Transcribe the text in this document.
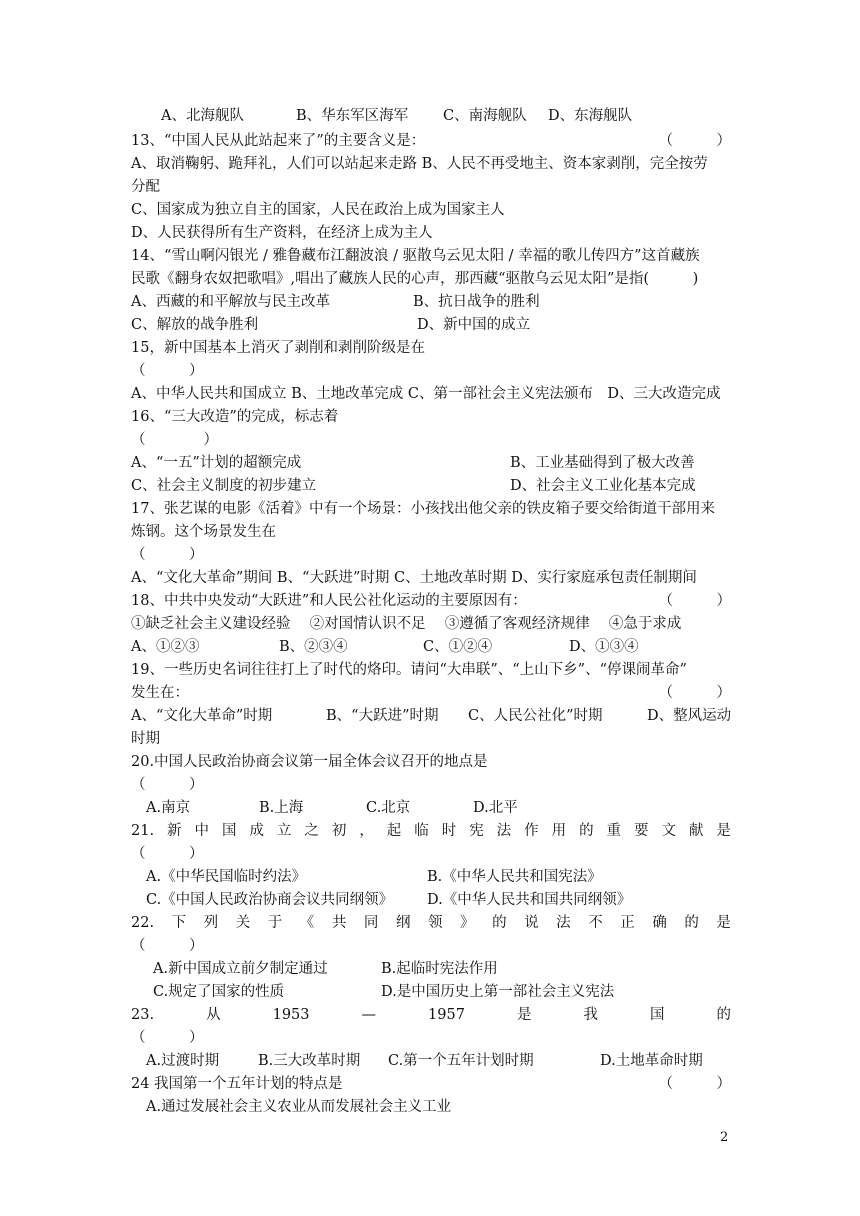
A、北海舰队	B、华东军区海军 C、南海舰队 D、东海舰队
13、“中国人民从此站起来了”的主要含义是：	（　　　）
A、取消鞠躬、跪拜礼，人们可以站起来走路 B、人民不再受地主、资本家剥削，完全按劳
分配
C、国家成为独立自主的国家，人民在政治上成为国家主人
D、人民获得所有生产资料，在经济上成为主人
14、“雪山啊闪银光 / 雅鲁藏布江翻波浪 / 驱散乌云见太阳 / 幸福的歌儿传四方”这首藏族
民歌《翻身农奴把歌唱》,唱出了藏族人民的心声，那西藏“驱散乌云见太阳”是指(　　　)
A、西藏的和平解放与民主改革	B、抗日战争的胜利
C、解放的战争胜利	D、新中国的成立
15，新中国基本上消灭了剥削和剥削阶级是在
（　　　）
A、中华人民共和国成立 B、土地改革完成 C、第一部社会主义宪法颁布　D、三大改造完成
16、“三大改造”的完成，标志着
（　　　　）
A、“一五”计划的超额完成	B、工业基础得到了极大改善
C、社会主义制度的初步建立	D、社会主义工业化基本完成
17、张艺谋的电影《活着》中有一个场景：小孩找出他父亲的铁皮箱子要交给街道干部用来
炼钢。这个场景发生在
（　　　）
A、“文化大革命”期间 B、“大跃进”时期 C、土地改革时期 D、实行家庭承包责任制期间
18、中共中央发动“大跃进”和人民公社化运动的主要原因有：	（　　　）
①缺乏社会主义建设经验　 ②对国情认识不足　 ③遵循了客观经济规律　 ④急于求成
A、①②③	B、②③④	C、①②④	D、①③④
19、一些历史名词往往打上了时代的烙印。请问“大串联”、“上山下乡”、“停课闹革命”
发生在：	（　　　）
A、“文化大革命”时期	B、“大跃进”时期 C、人民公社化”时期	D、整风运动
时期
20.中国人民政治协商会议第一届全体会议召开的地点是
（　　　）
A.南京	B.上海	C.北京	D.北平
21. 新 中 国 成 立 之 初 ， 起 临 时 宪 法 作 用 的 重 要 文 献 是
（　　　）
A.《中华民国临时约法》	B.《中华人民共和国宪法》
C.《中国人民政治协商会议共同纲领》 D.《中华人民共和国共同纲领》
22. 下 列 关 于 《 共 同 纲 领 》 的 说 法 不 正 确 的 是
（　　　）
A.新中国成立前夕制定通过	B.起临时宪法作用
C.规定了国家的性质	D.是中国历史上第一部社会主义宪法
23.	从	1953	—	1957	是	我	国	的
（　　　）
A.过渡时期	B.三大改革时期 C.第一个五年计划时期	D.土地革命时期
24 我国第一个五年计划的特点是	（　　　）
A.通过发展社会主义农业从而发展社会主义工业
2
